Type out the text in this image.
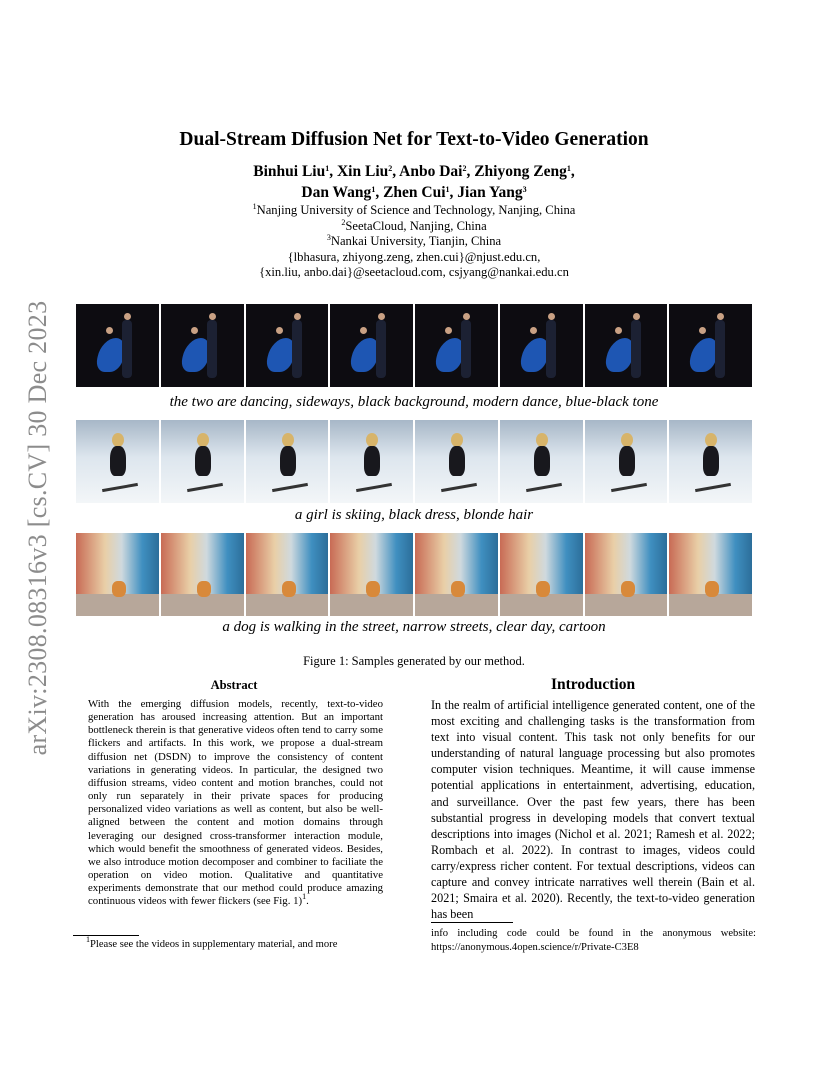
arXiv:2308.08316v3 [cs.CV] 30 Dec 2023
Dual-Stream Diffusion Net for Text-to-Video Generation
Binhui Liu$^1$, Xin Liu$^2$, Anbo Dai$^2$, Zhiyong Zeng$^1$,
Dan Wang$^1$, Zhen Cui$^1$, Jian Yang$^3$
$^1$Nanjing University of Science and Technology, Nanjing, China
$^2$SeetaCloud, Nanjing, China
$^3$Nankai University, Tianjin, China
{lbhasura, zhiyong.zeng, zhen.cui}@njust.edu.cn,
{xin.liu, anbo.dai}@seetacloud.com, csjyang@nankai.edu.cn
the two are dancing, sideways, black background, modern dance, blue-black tone
a girl is skiing, black dress, blonde hair
a dog is walking in the street, narrow streets, clear day, cartoon
Figure 1: Samples generated by our method.
Abstract
With the emerging diffusion models, recently, text-to-video generation has aroused increasing attention. But an important bottleneck therein is that generative videos often tend to carry some flickers and artifacts. In this work, we propose a dual-stream diffusion net (DSDN) to improve the consistency of content variations in generating videos. In particular, the designed two diffusion streams, video content and motion branches, could not only run separately in their private spaces for producing personalized video variations as well as content, but also be well-aligned between the content and motion domains through leveraging our designed cross-transformer interaction module, which would benefit the smoothness of generated videos. Besides, we also introduce motion decomposer and combiner to faciliate the operation on video motion. Qualitative and quantitative experiments demonstrate that our method could produce amazing continuous videos with fewer flickers (see Fig. 1)$^1$.
Introduction
In the realm of artificial intelligence generated content, one of the most exciting and challenging tasks is the transformation from text into visual content. This task not only benefits for our understanding of natural language processing but also promotes computer vision techniques. Meantime, it will cause immense potential applications in entertainment, advertising, education, and surveillance. Over the past few years, there has been substantial progress in developing models that convert textual descriptions into images (Nichol et al. 2021; Ramesh et al. 2022; Rombach et al. 2022). In contrast to images, videos could carry/express richer content. For textual descriptions, videos can capture and convey intricate narratives well therein (Bain et al. 2021; Smaira et al. 2020). Recently, the text-to-video generation has been
$^1$Please see the videos in supplementary material, and more
info including code could be found in the anonymous website: https://anonymous.4open.science/r/Private-C3E8
